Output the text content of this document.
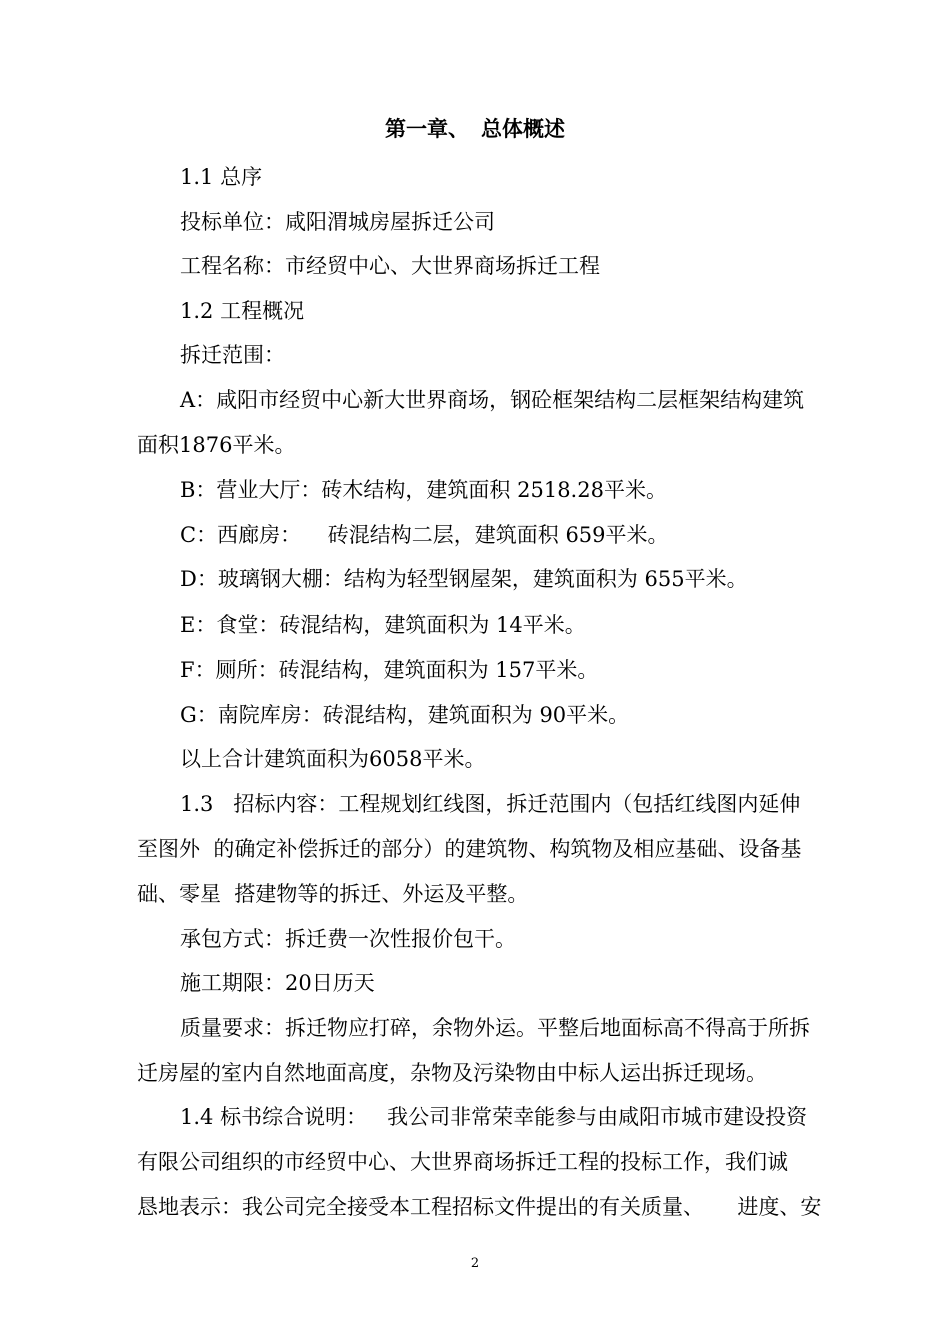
第一章、 总体概述
1.1 总序
投标单位：咸阳渭城房屋拆迁公司
工程名称：市经贸中心、大世界商场拆迁工程
1.2 工程概况
拆迁范围：
A：咸阳市经贸中心新大世界商场，钢砼框架结构二层框架结构建筑
面积1876平米。
B：营业大厅：砖木结构，建筑面积 2518.28平米。
C：西廊房：    砖混结构二层，建筑面积 659平米。
D：玻璃钢大棚：结构为轻型钢屋架，建筑面积为 655平米。
E：食堂：砖混结构，建筑面积为 14平米。
F：厕所：砖混结构，建筑面积为 157平米。
G：南院库房：砖混结构，建筑面积为 90平米。
以上合计建筑面积为6058平米。
1.3   招标内容：工程规划红线图，拆迁范围内（包括红线图内延伸
至图外  的确定补偿拆迁的部分）的建筑物、构筑物及相应基础、设备基
础、零星  搭建物等的拆迁、外运及平整。
承包方式：拆迁费一次性报价包干。
施工期限：20日历天
质量要求：拆迁物应打碎，余物外运。平整后地面标高不得高于所拆
迁房屋的室内自然地面高度，杂物及污染物由中标人运出拆迁现场。
1.4 标书综合说明：   我公司非常荣幸能参与由咸阳市城市建设投资
有限公司组织的市经贸中心、大世界商场拆迁工程的投标工作，我们诚
恳地表示：我公司完全接受本工程招标文件提出的有关质量、     进度、安
2
